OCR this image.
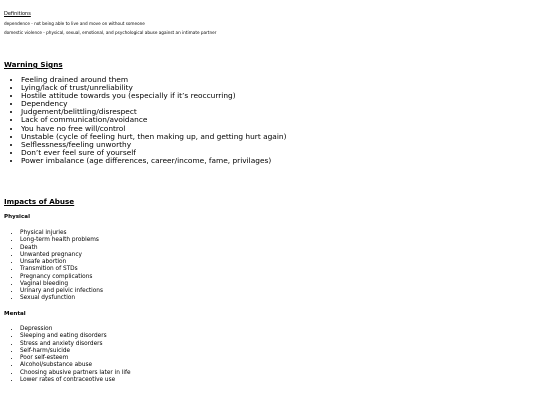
Definitions

dependence - not being able to live and move on without someone

domestic violence - physical, sexual, emotional, and psychological abuse against an intimate partner

Warning Signs
• Feeling drained around them
• Lying/lack of trust/unreliability
• Hostile attitude towards you (especially if it’s reoccurring)
• Dependency
• Judgement/belittling/disrespect
• Lack of communication/avoidance
• You have no free will/control
• Unstable (cycle of feeling hurt, then making up, and getting hurt again)
• Selflessness/feeling unworthy
• Don’t ever feel sure of yourself
• Power imbalance (age differences, career/income, fame, privilages)
Impacts of Abuse
Physical
• Physical injuries
• Long-term health problems
• Death
• Unwanted pregnancy
• Unsafe abortion
• Transmition of STDs
• Pregnancy complications
• Vaginal bleeding
• Urinary and pelvic infections
• Sexual dysfunction
Mental
• Depression
• Sleeping and eating disorders
• Stress and anxiety disorders
• Self-harm/suicide
• Poor self-esteem
• Alcohol/substance abuse
• Choosing abusive partners later in life
• Lower rates of contraceotive use
